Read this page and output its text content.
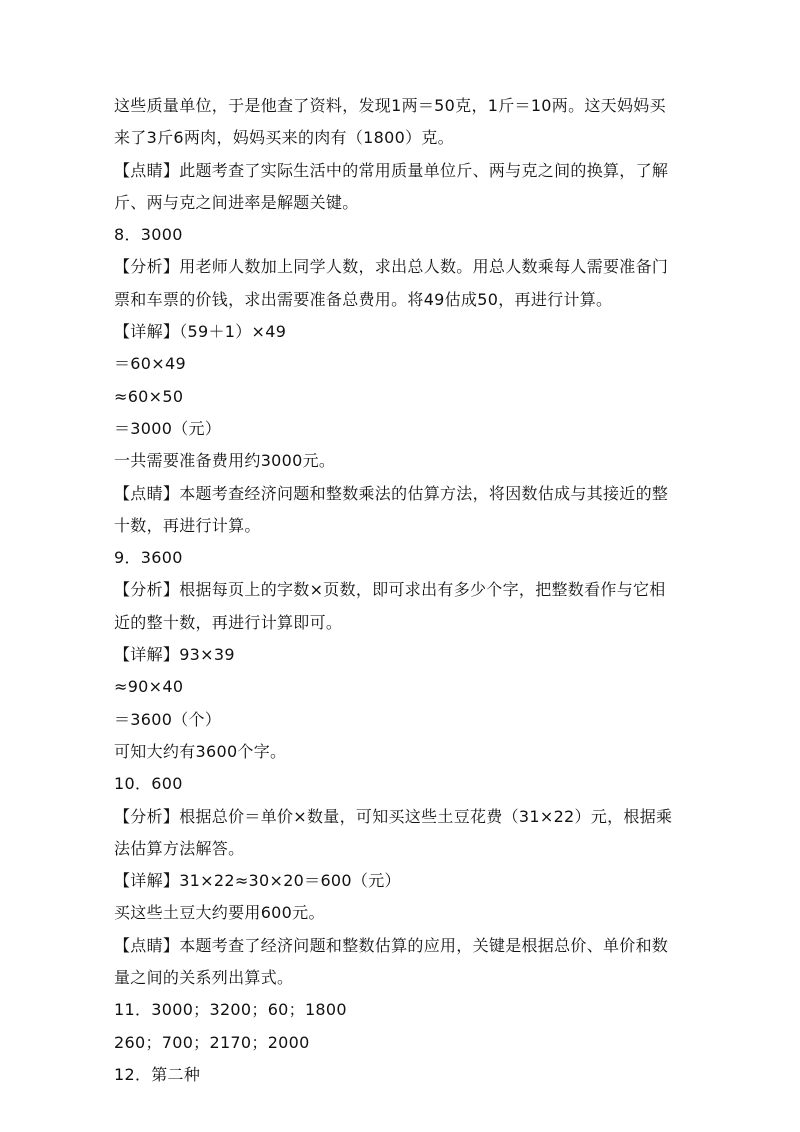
这些质量单位，于是他查了资料，发现1两＝50克，1斤＝10两。这天妈妈买
来了3斤6两肉，妈妈买来的肉有（1800）克。
【点睛】此题考查了实际生活中的常用质量单位斤、两与克之间的换算，了解
斤、两与克之间进率是解题关键。
8．3000
【分析】用老师人数加上同学人数，求出总人数。用总人数乘每人需要准备门
票和车票的价钱，求出需要准备总费用。将49估成50，再进行计算。
【详解】（59＋1）×49
＝60×49
≈60×50
＝3000（元）
一共需要准备费用约3000元。
【点睛】本题考查经济问题和整数乘法的估算方法，将因数估成与其接近的整
十数，再进行计算。
9．3600
【分析】根据每页上的字数×页数，即可求出有多少个字，把整数看作与它相
近的整十数，再进行计算即可。
【详解】93×39
≈90×40
＝3600（个）
可知大约有3600个字。
10．600
【分析】根据总价＝单价×数量，可知买这些土豆花费（31×22）元，根据乘
法估算方法解答。
【详解】31×22≈30×20＝600（元）
买这些土豆大约要用600元。
【点睛】本题考查了经济问题和整数估算的应用，关键是根据总价、单价和数
量之间的关系列出算式。
11．3000；3200；60；1800
260；700；2170；2000
12．第二种
